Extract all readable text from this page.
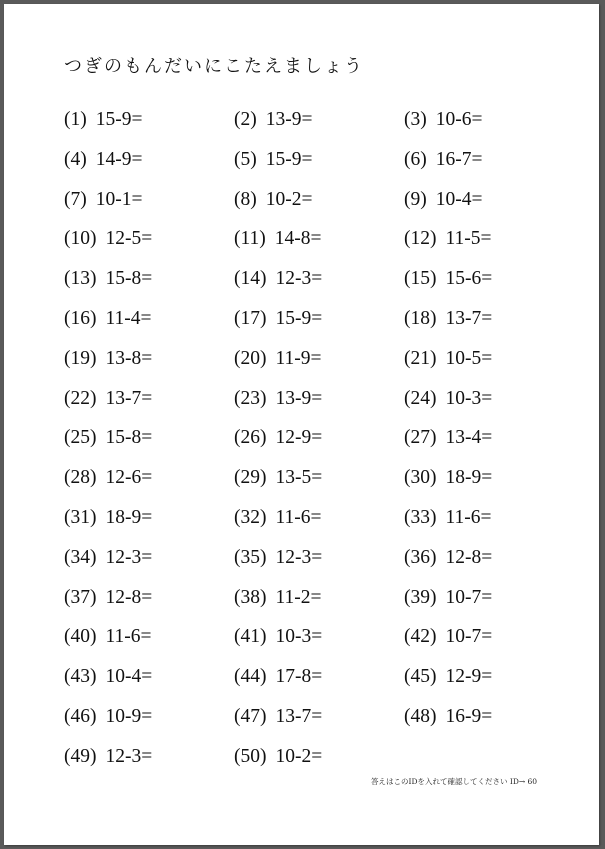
つぎのもんだいにこたえましょう
(1) 15-9=	(2) 13-9=	(3) 10-6=
(4) 14-9=	(5) 15-9=	(6) 16-7=
(7) 10-1=	(8) 10-2=	(9) 10-4=
(10) 12-5=	(11) 14-8=	(12) 11-5=
(13) 15-8=	(14) 12-3=	(15) 15-6=
(16) 11-4=	(17) 15-9=	(18) 13-7=
(19) 13-8=	(20) 11-9=	(21) 10-5=
(22) 13-7=	(23) 13-9=	(24) 10-3=
(25) 15-8=	(26) 12-9=	(27) 13-4=
(28) 12-6=	(29) 13-5=	(30) 18-9=
(31) 18-9=	(32) 11-6=	(33) 11-6=
(34) 12-3=	(35) 12-3=	(36) 12-8=
(37) 12-8=	(38) 11-2=	(39) 10-7=
(40) 11-6=	(41) 10-3=	(42) 10-7=
(43) 10-4=	(44) 17-8=	(45) 12-9=
(46) 10-9=	(47) 13-7=	(48) 16-9=
(49) 12-3=	(50) 10-2=
答えはこのIDを入れて確認してください ID→ 60
